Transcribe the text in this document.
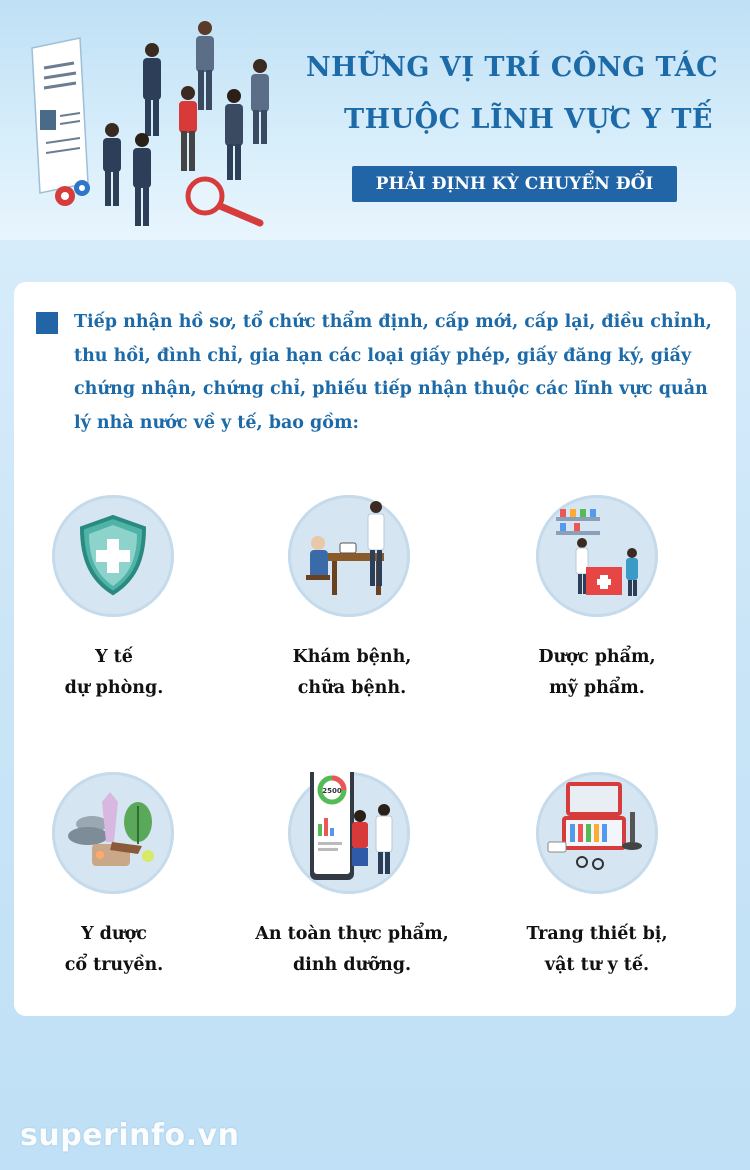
NHỮNG VỊ TRÍ CÔNG TÁC
THUỘC LĨNH VỰC Y TẾ
PHẢI ĐỊNH KỲ CHUYỂN ĐỔI
Tiếp nhận hồ sơ, tổ chức thẩm định, cấp mới, cấp lại, điều chỉnh, thu hồi, đình chỉ, gia hạn các loại giấy phép, giấy đăng ký, giấy chứng nhận, chứng chỉ, phiếu tiếp nhận thuộc các lĩnh vực quản lý nhà nước về y tế, bao gồm:
Y tế
dự phòng.
Khám bệnh,
chữa bệnh.
Dược phẩm,
mỹ phẩm.
2500
Y dược
cổ truyền.
An toàn thực phẩm,
dinh dưỡng.
Trang thiết bị,
vật tư y tế.
superinfo.vn
